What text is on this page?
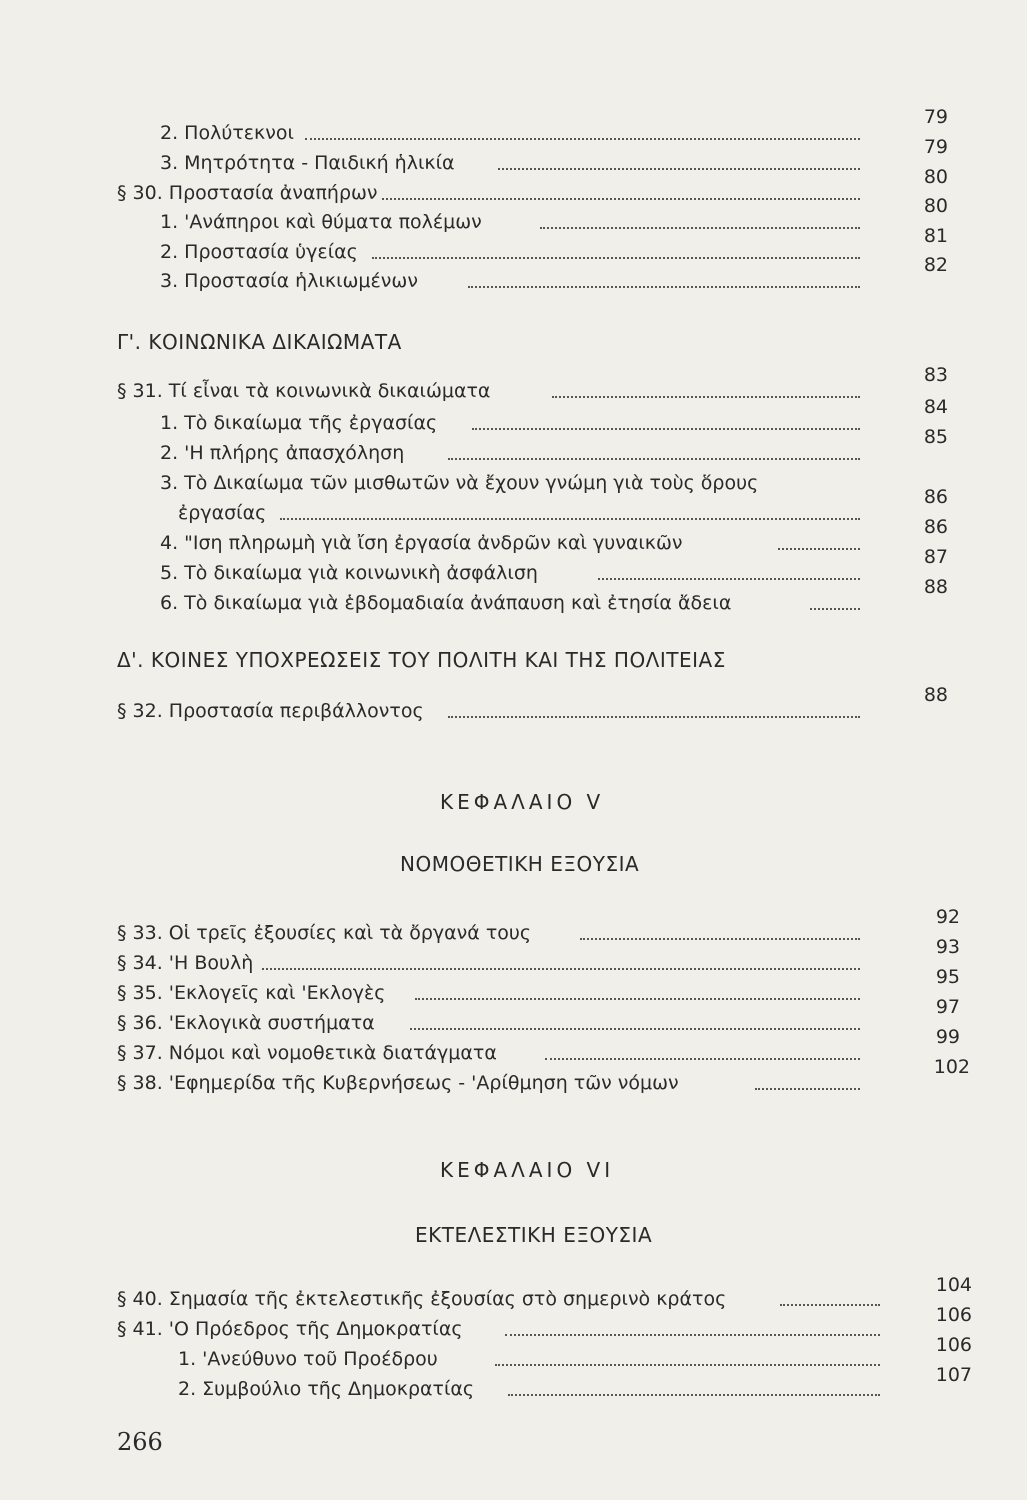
2. Πολύτεκνοι
79
3. Μητρότητα - Παιδική ἡλικία
79
§ 30. Προστασία ἀναπήρων
80
1. 'Ανάπηροι καὶ θύματα πολέμων
80
2. Προστασία ὑγείας
81
3. Προστασία ἡλικιωμένων
82
Γ'. ΚΟΙΝΩΝΙΚΑ ΔΙΚΑΙΩΜΑΤΑ
§ 31. Τί εἶναι τὰ κοινωνικὰ δικαιώματα
83
1. Τὸ δικαίωμα τῆς ἐργασίας
84
2. 'Η πλήρης ἀπασχόληση
85
3. Τὸ Δικαίωμα τῶν μισθωτῶν νὰ ἔχουν γνώμη γιὰ τοὺς ὅρους
ἐργασίας
86
4. "Ιση πληρωμὴ γιὰ ἴση ἐργασία ἀνδρῶν καὶ γυναικῶν
86
5. Τὸ δικαίωμα γιὰ κοινωνικὴ ἀσφάλιση
87
6. Τὸ δικαίωμα γιὰ ἑβδομαδιαία ἀνάπαυση καὶ ἐτησία ἄδεια
88
Δ'. ΚΟΙΝΕΣ ΥΠΟΧΡΕΩΣΕΙΣ ΤΟΥ ΠΟΛΙΤΗ ΚΑΙ ΤΗΣ ΠΟΛΙΤΕΙΑΣ
§ 32. Προστασία περιβάλλοντος
88
ΚΕΦΑΛΑΙΟ V
ΝΟΜΟΘΕΤΙΚΗ ΕΞΟΥΣΙΑ
§ 33. Οἱ τρεῖς ἐξουσίες καὶ τὰ ὄργανά τους
92
§ 34. 'Η Βουλὴ
93
§ 35. 'Εκλογεῖς καὶ 'Εκλογὲς
95
§ 36. 'Εκλογικὰ συστήματα
97
§ 37. Νόμοι καὶ νομοθετικὰ διατάγματα
99
§ 38. 'Εφημερίδα τῆς Κυβερνήσεως - 'Αρίθμηση τῶν νόμων
102
ΚΕΦΑΛΑΙΟ VI
ΕΚΤΕΛΕΣΤΙΚΗ ΕΞΟΥΣΙΑ
§ 40. Σημασία τῆς ἐκτελεστικῆς ἐξουσίας στὸ σημερινὸ κράτος
104
§ 41. 'Ο Πρόεδρος τῆς Δημοκρατίας
106
1. 'Ανεύθυνο τοῦ Προέδρου
106
2. Συμβούλιο τῆς Δημοκρατίας
107
266
